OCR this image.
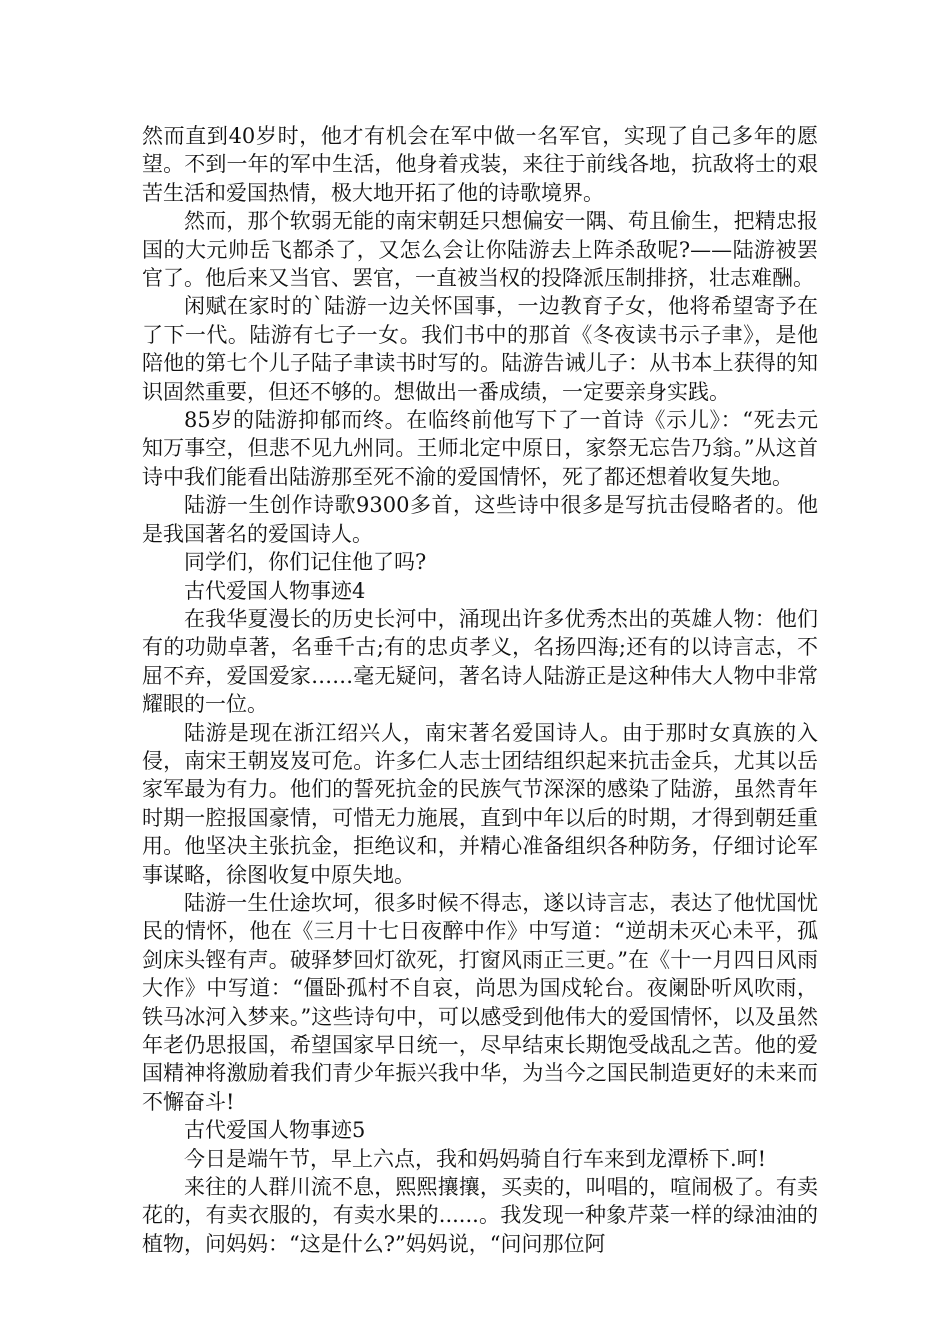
然而直到40岁时，他才有机会在军中做一名军官，实现了自己多年的愿望。不到一年的军中生活，他身着戎装，来往于前线各地，抗敌将士的艰苦生活和爱国热情，极大地开拓了他的诗歌境界。

然而，那个软弱无能的南宋朝廷只想偏安一隅、苟且偷生，把精忠报国的大元帅岳飞都杀了，又怎么会让你陆游去上阵杀敌呢?——陆游被罢官了。他后来又当官、罢官，一直被当权的投降派压制排挤，壮志难酬。

闲赋在家时的`陆游一边关怀国事，一边教育子女，他将希望寄予在了下一代。陆游有七子一女。我们书中的那首《冬夜读书示子聿》，是他陪他的第七个儿子陆子聿读书时写的。陆游告诫儿子：从书本上获得的知识固然重要，但还不够的。想做出一番成绩，一定要亲身实践。

85岁的陆游抑郁而终。在临终前他写下了一首诗《示儿》：“死去元知万事空，但悲不见九州同。王师北定中原日，家祭无忘告乃翁。”从这首诗中我们能看出陆游那至死不渝的爱国情怀，死了都还想着收复失地。

陆游一生创作诗歌9300多首，这些诗中很多是写抗击侵略者的。他是我国著名的爱国诗人。

同学们，你们记住他了吗?

古代爱国人物事迹4

在我华夏漫长的历史长河中，涌现出许多优秀杰出的英雄人物：他们有的功勋卓著，名垂千古;有的忠贞孝义，名扬四海;还有的以诗言志，不屈不弃，爱国爱家……毫无疑问，著名诗人陆游正是这种伟大人物中非常耀眼的一位。

陆游是现在浙江绍兴人，南宋著名爱国诗人。由于那时女真族的入侵，南宋王朝岌岌可危。许多仁人志士团结组织起来抗击金兵，尤其以岳家军最为有力。他们的誓死抗金的民族气节深深的感染了陆游，虽然青年时期一腔报国豪情，可惜无力施展，直到中年以后的时期，才得到朝廷重用。他坚决主张抗金，拒绝议和，并精心准备组织各种防务，仔细讨论军事谋略，徐图收复中原失地。

陆游一生仕途坎坷，很多时候不得志，遂以诗言志，表达了他忧国忧民的情怀，他在《三月十七日夜醉中作》中写道：“逆胡未灭心未平，孤剑床头铿有声。破驿梦回灯欲死，打窗风雨正三更。”在《十一月四日风雨大作》中写道：“僵卧孤村不自哀，尚思为国戍轮台。夜阑卧听风吹雨，铁马冰河入梦来。”这些诗句中，可以感受到他伟大的爱国情怀，以及虽然年老仍思报国，希望国家早日统一，尽早结束长期饱受战乱之苦。他的爱国精神将激励着我们青少年振兴我中华，为当今之国民制造更好的未来而不懈奋斗!

古代爱国人物事迹5

今日是端午节，早上六点，我和妈妈骑自行车来到龙潭桥下.呵!

来往的人群川流不息，熙熙攘攘，买卖的，叫唱的，喧闹极了。有卖花的，有卖衣服的，有卖水果的......。我发现一种象芹菜一样的绿油油的植物，问妈妈：“这是什么?”妈妈说，“问问那位阿
